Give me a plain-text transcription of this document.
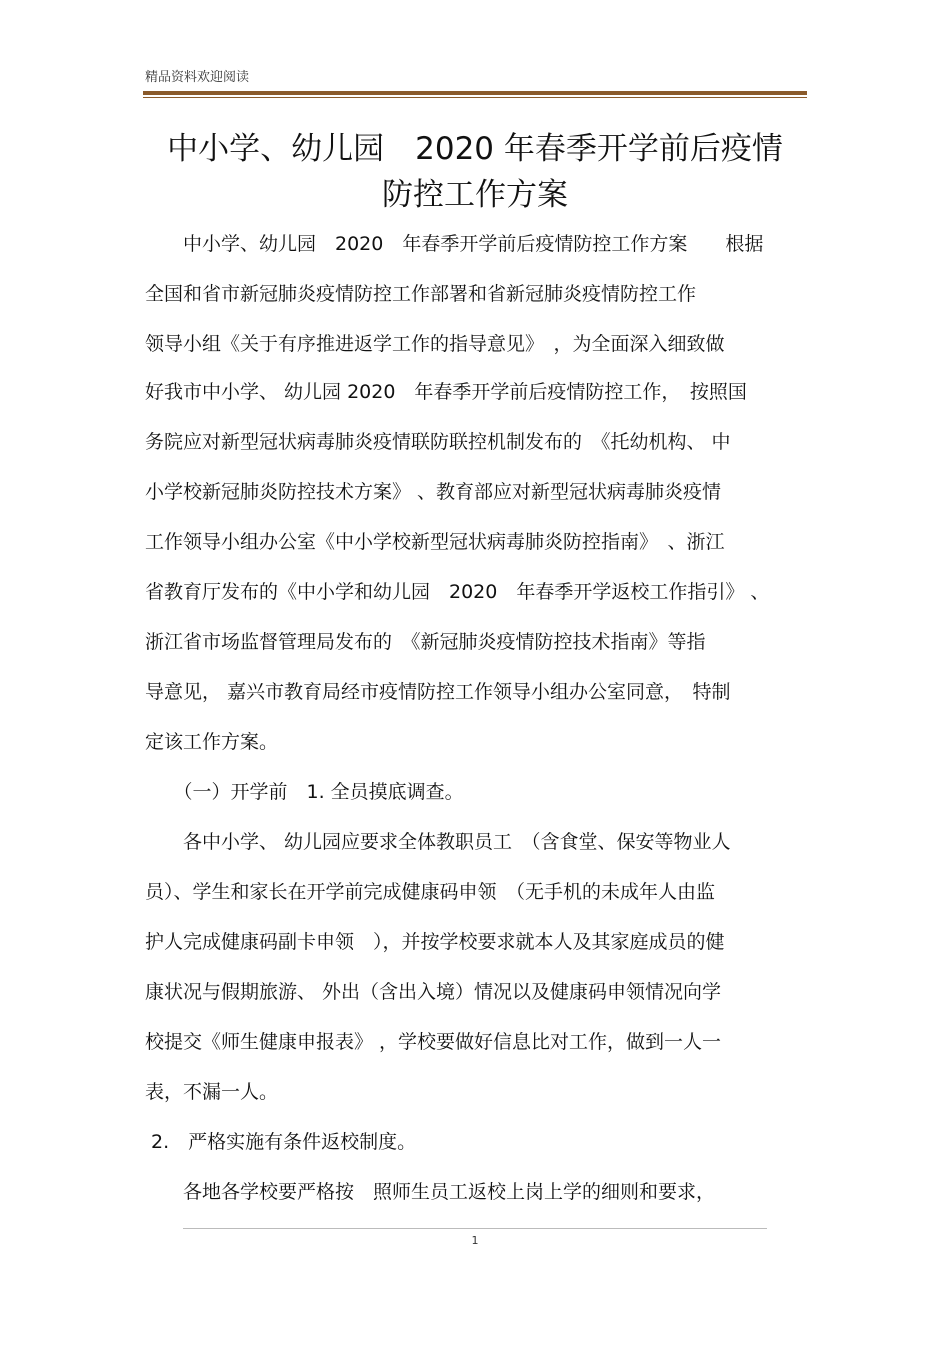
精品资料欢迎阅读

中小学、幼儿园　2020 年春季开学前后疫情
防控工作方案

　　中小学、幼儿园　2020　年春季开学前后疫情防控工作方案　　根据

全国和省市新冠肺炎疫情防控工作部署和省新冠肺炎疫情防控工作

领导小组《关于有序推进返学工作的指导意见》　，为全面深入细致做

好我市中小学、 幼儿园 2020　年春季开学前后疫情防控工作，　按照国

务院应对新型冠状病毒肺炎疫情联防联控机制发布的　《托幼机构、 中

小学校新冠肺炎防控技术方案》 、教育部应对新型冠状病毒肺炎疫情

工作领导小组办公室《中小学校新型冠状病毒肺炎防控指南》　、浙江

省教育厅发布的《中小学和幼儿园　2020　年春季开学返校工作指引》 、

浙江省市场监督管理局发布的　《新冠肺炎疫情防控技术指南》等指

导意见， 嘉兴市教育局经市疫情防控工作领导小组办公室同意，　特制

定该工作方案。

　　（一）开学前　1. 全员摸底调查。

　　各中小学、 幼儿园应要求全体教职员工　（含食堂、保安等物业人

员）、学生和家长在开学前完成健康码申领　（无手机的未成年人由监

护人完成健康码副卡申领　），并按学校要求就本人及其家庭成员的健

康状况与假期旅游、 外出（含出入境）情况以及健康码申领情况向学

校提交《师生健康申报表》 ，学校要做好信息比对工作，做到一人一

表，不漏一人。

2.　严格实施有条件返校制度。

　　各地各学校要严格按　照师生员工返校上岗上学的细则和要求，

1
